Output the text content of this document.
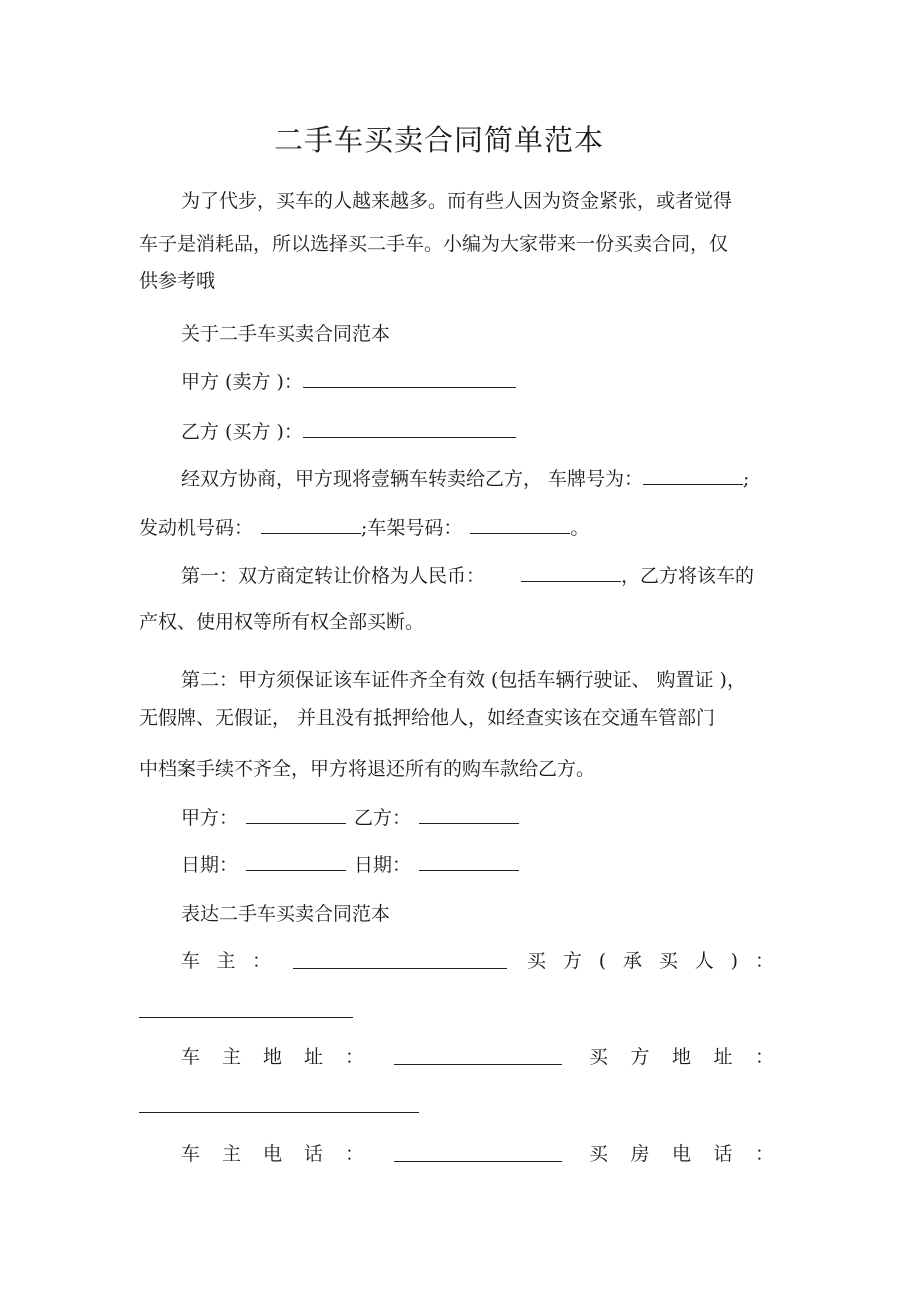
二手车买卖合同简单范本
为了代步，买车的人越来越多。而有些人因为资金紧张，或者觉得
车子是消耗品，所以选择买二手车。小编为大家带来一份买卖合同，仅
供参考哦
关于二手车买卖合同范本
甲方 (卖方 )：
乙方 (买方 )：
经双方协商，甲方现将壹辆车转卖给乙方， 车牌号为：	;
发动机号码：	;车架号码：	。
第一：双方商定转让价格为人民币：	，乙方将该车的
产权、使用权等所有权全部买断。
第二：甲方须保证该车证件齐全有效 (包括车辆行驶证、 购置证 )，
无假牌、无假证， 并且没有抵押给他人，如经查实该在交通车管部门
中档案手续不齐全，甲方将退还所有的购车款给乙方。
甲方：	乙方：
日期：	日期：
表达二手车买卖合同范本
车 主 ：	买 方 ( 承 买 人 ) ：
车 主 地 址 ：	买 方 地 址 ：
车 主 电 话 ：	买 房 电 话 ：
